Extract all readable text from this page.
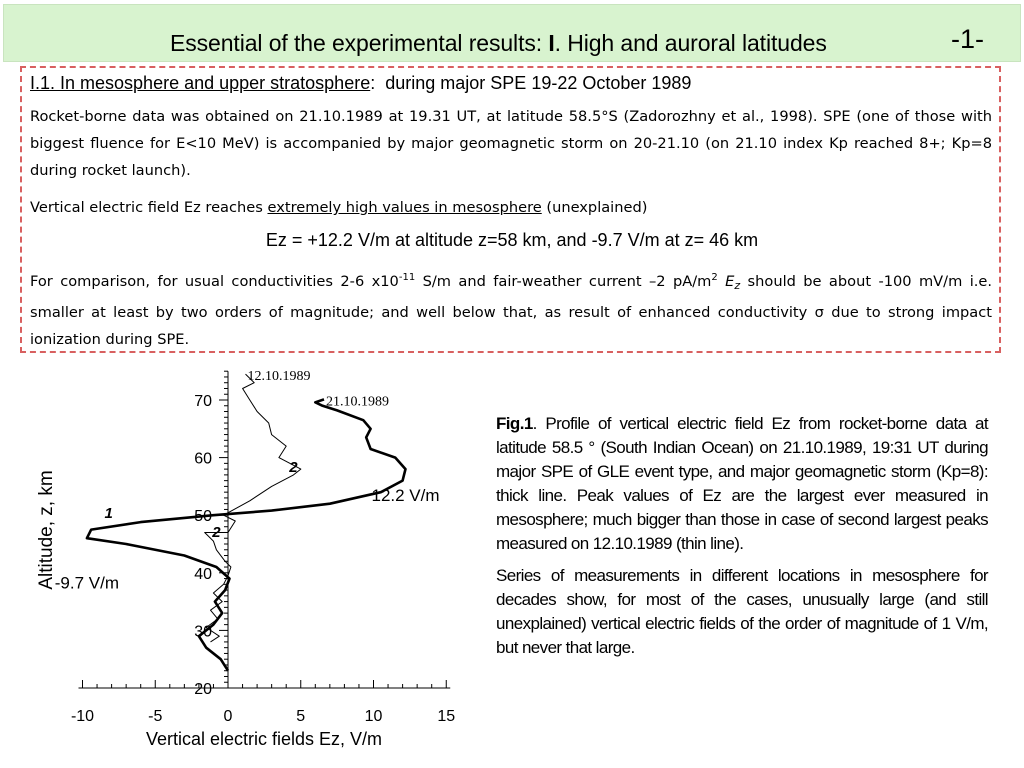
Essential of the experimental results: I. High and auroral latitudes	-1-
I.1. In mesosphere and upper stratosphere: during major SPE 19-22 October 1989
Rocket-borne data was obtained on 21.10.1989 at 19.31 UT, at latitude 58.5°S (Zadorozhny et al., 1998). SPE (one of those with biggest fluence for E<10 MeV) is accompanied by major geomagnetic storm on 20-21.10 (on 21.10 index Kp reached 8+; Kp=8 during rocket launch).
Vertical electric field Ez reaches extremely high values in mesosphere (unexplained)
Ez = +12.2 V/m at altitude z=58 km, and -9.7 V/m at z= 46 km
For comparison, for usual conductivities 2-6 $x10^{-11}$ S/m and fair-weather current –2 $pA/m^2$ $E_z$ should be about -100 mV/m i.e. smaller at least by two orders of magnitude; and well below that, as result of enhanced conductivity σ due to strong impact ionization during SPE.
-10	-5	0	5	10	15
20
30
40
50
60
70
Vertical electric fields Ez, V/m
Altitude, z, km
21.10.1989
12.10.1989
12.2 V/m
-9.7 V/m
1
2
2
Fig.1. Profile of vertical electric field Ez from rocket-borne data at latitude 58.5 ° (South Indian Ocean) on 21.10.1989, 19:31 UT during major SPE of GLE event type, and major geomagnetic storm (Kp=8): thick line. Peak values of Ez are the largest ever measured in mesosphere; much bigger than those in case of second largest peaks measured on 12.10.1989 (thin line).
Series of measurements in different locations in mesosphere for decades show, for most of the cases, unusually large (and still unexplained) vertical electric fields of the order of magnitude of 1 V/m, but never that large.
